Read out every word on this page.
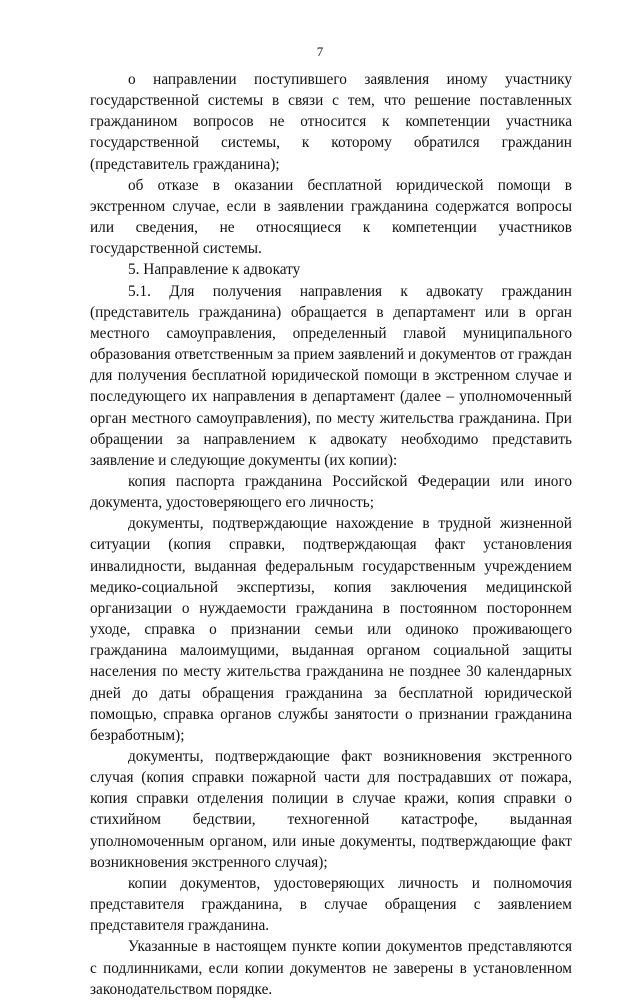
7

о направлении поступившего заявления иному участнику государственной системы в связи с тем, что решение поставленных гражданином вопросов не относится к компетенции участника государственной системы, к которому обратился гражданин (представитель гражданина);

об отказе в оказании бесплатной юридической помощи в экстренном случае, если в заявлении гражданина содержатся вопросы или сведения, не относящиеся к компетенции участников государственной системы.

5. Направление к адвокату

5.1. Для получения направления к адвокату гражданин (представитель гражданина) обращается в департамент или в орган местного самоуправления, определенный главой муниципального образования ответственным за прием заявлений и документов от граждан для получения бесплатной юридической помощи в экстренном случае и последующего их направления в департамент (далее – уполномоченный орган местного самоуправления), по месту жительства гражданина. При обращении за направлением к адвокату необходимо представить заявление и следующие документы (их копии):

копия паспорта гражданина Российской Федерации или иного документа, удостоверяющего его личность;

документы, подтверждающие нахождение в трудной жизненной ситуации (копия справки, подтверждающая факт установления инвалидности, выданная федеральным государственным учреждением медико-социальной экспертизы, копия заключения медицинской организации о нуждаемости гражданина в постоянном постороннем уходе, справка о признании семьи или одиноко проживающего гражданина малоимущими, выданная органом социальной защиты населения по месту жительства гражданина не позднее 30 календарных дней до даты обращения гражданина за бесплатной юридической помощью, справка органов службы занятости о признании гражданина безработным);

документы, подтверждающие факт возникновения экстренного случая (копия справки пожарной части для пострадавших от пожара, копия справки отделения полиции в случае кражи, копия справки о стихийном бедствии, техногенной катастрофе, выданная уполномоченным органом, или иные документы, подтверждающие факт возникновения экстренного случая);

копии документов, удостоверяющих личность и полномочия представителя гражданина, в случае обращения с заявлением представителя гражданина.

Указанные в настоящем пункте копии документов представляются с подлинниками, если копии документов не заверены в установленном законодательством порядке.
